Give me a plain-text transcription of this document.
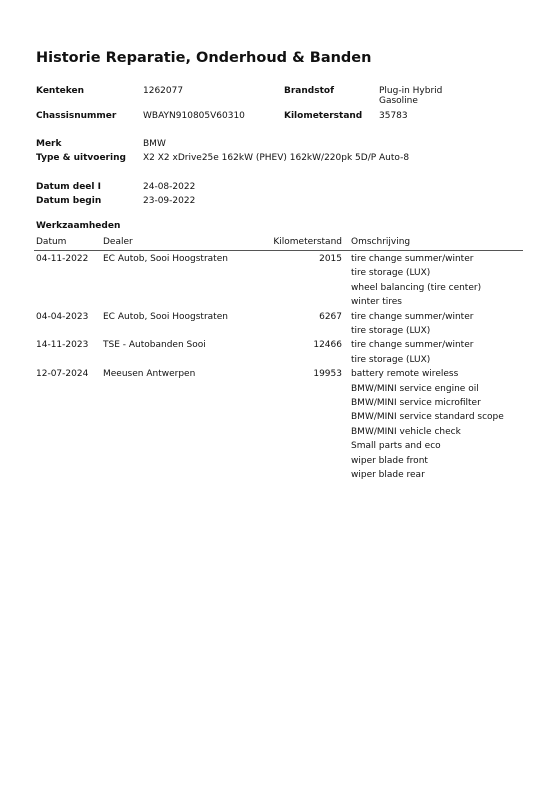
Historie Reparatie, Onderhoud & Banden
Kenteken	1262077	Brandstof	Plug-in Hybrid
Gasoline
Chassisnummer	WBAYN910805V60310	Kilometerstand 35783
Merk	BMW
Type & uitvoering X2 X2 xDrive25e 162kW (PHEV) 162kW/220pk 5D/P Auto-8
Datum deel I	24-08-2022
Datum begin	23-09-2022
Werkzaamheden
Datum	Dealer	Kilometerstand Omschrijving
04-11-2022 EC Autob, Sooi Hoogstraten	2015 tire change summer/winter
tire storage (LUX)
wheel balancing (tire center)
winter tires
04-04-2023 EC Autob, Sooi Hoogstraten	6267 tire change summer/winter
tire storage (LUX)
14-11-2023 TSE - Autobanden Sooi	12466 tire change summer/winter
tire storage (LUX)
12-07-2024 Meeusen Antwerpen	19953 battery remote wireless
BMW/MINI service engine oil
BMW/MINI service microfilter
BMW/MINI service standard scope
BMW/MINI vehicle check
Small parts and eco
wiper blade front
wiper blade rear
